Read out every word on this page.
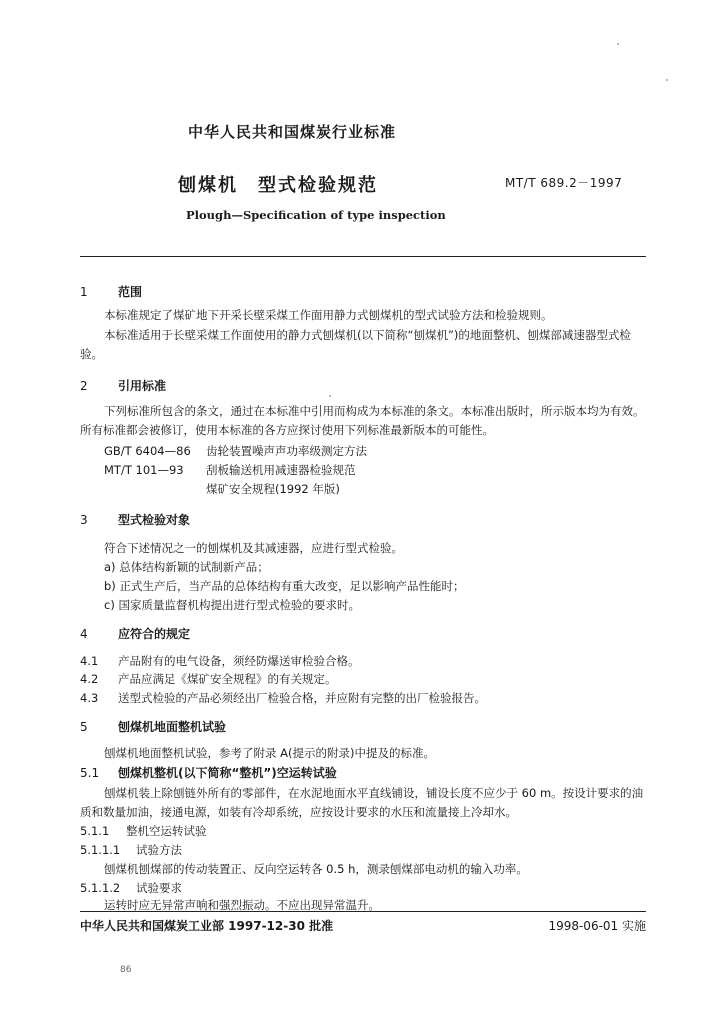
中华人民共和国煤炭行业标准
刨煤机　型式检验规范	MT/T 689.2－1997
Plough—Specification of type inspection
1	范围
本标准规定了煤矿地下开采长壁采煤工作面用静力式刨煤机的型式试验方法和检验规则。
本标准适用于长壁采煤工作面使用的静力式刨煤机(以下简称“刨煤机”)的地面整机、刨煤部减速器型式检验。
2	引用标准
下列标准所包含的条文，通过在本标准中引用而构成为本标准的条文。本标准出版时，所示版本均为有效。所有标准都会被修订，使用本标准的各方应探讨使用下列标准最新版本的可能性。
GB/T 6404—86 齿轮装置噪声声功率级测定方法
MT/T 101—93 刮板输送机用减速器检验规范
煤矿安全规程(1992 年版)
3	型式检验对象
符合下述情况之一的刨煤机及其减速器，应进行型式检验。
a) 总体结构新颖的试制新产品；
b) 正式生产后，当产品的总体结构有重大改变，足以影响产品性能时；
c) 国家质量监督机构提出进行型式检验的要求时。
4	应符合的规定
4.1 产品附有的电气设备，须经防爆送审检验合格。
4.2 产品应满足《煤矿安全规程》的有关规定。
4.3 送型式检验的产品必须经出厂检验合格，并应附有完整的出厂检验报告。
5	刨煤机地面整机试验
刨煤机地面整机试验，参考了附录 A(提示的附录)中提及的标准。
5.1 刨煤机整机(以下简称“整机”)空运转试验
刨煤机装上除刨链外所有的零部件，在水泥地面水平直线铺设，铺设长度不应少于 60 m。按设计要求的油质和数量加油，接通电源，如装有冷却系统，应按设计要求的水压和流量接上冷却水。
5.1.1 整机空运转试验
5.1.1.1 试验方法
刨煤机刨煤部的传动装置正、反向空运转各 0.5 h，测录刨煤部电动机的输入功率。
5.1.1.2 试验要求
运转时应无异常声响和强烈振动。不应出现异常温升。
中华人民共和国煤炭工业部 1997-12-30 批准	1998-06-01 实施
86
